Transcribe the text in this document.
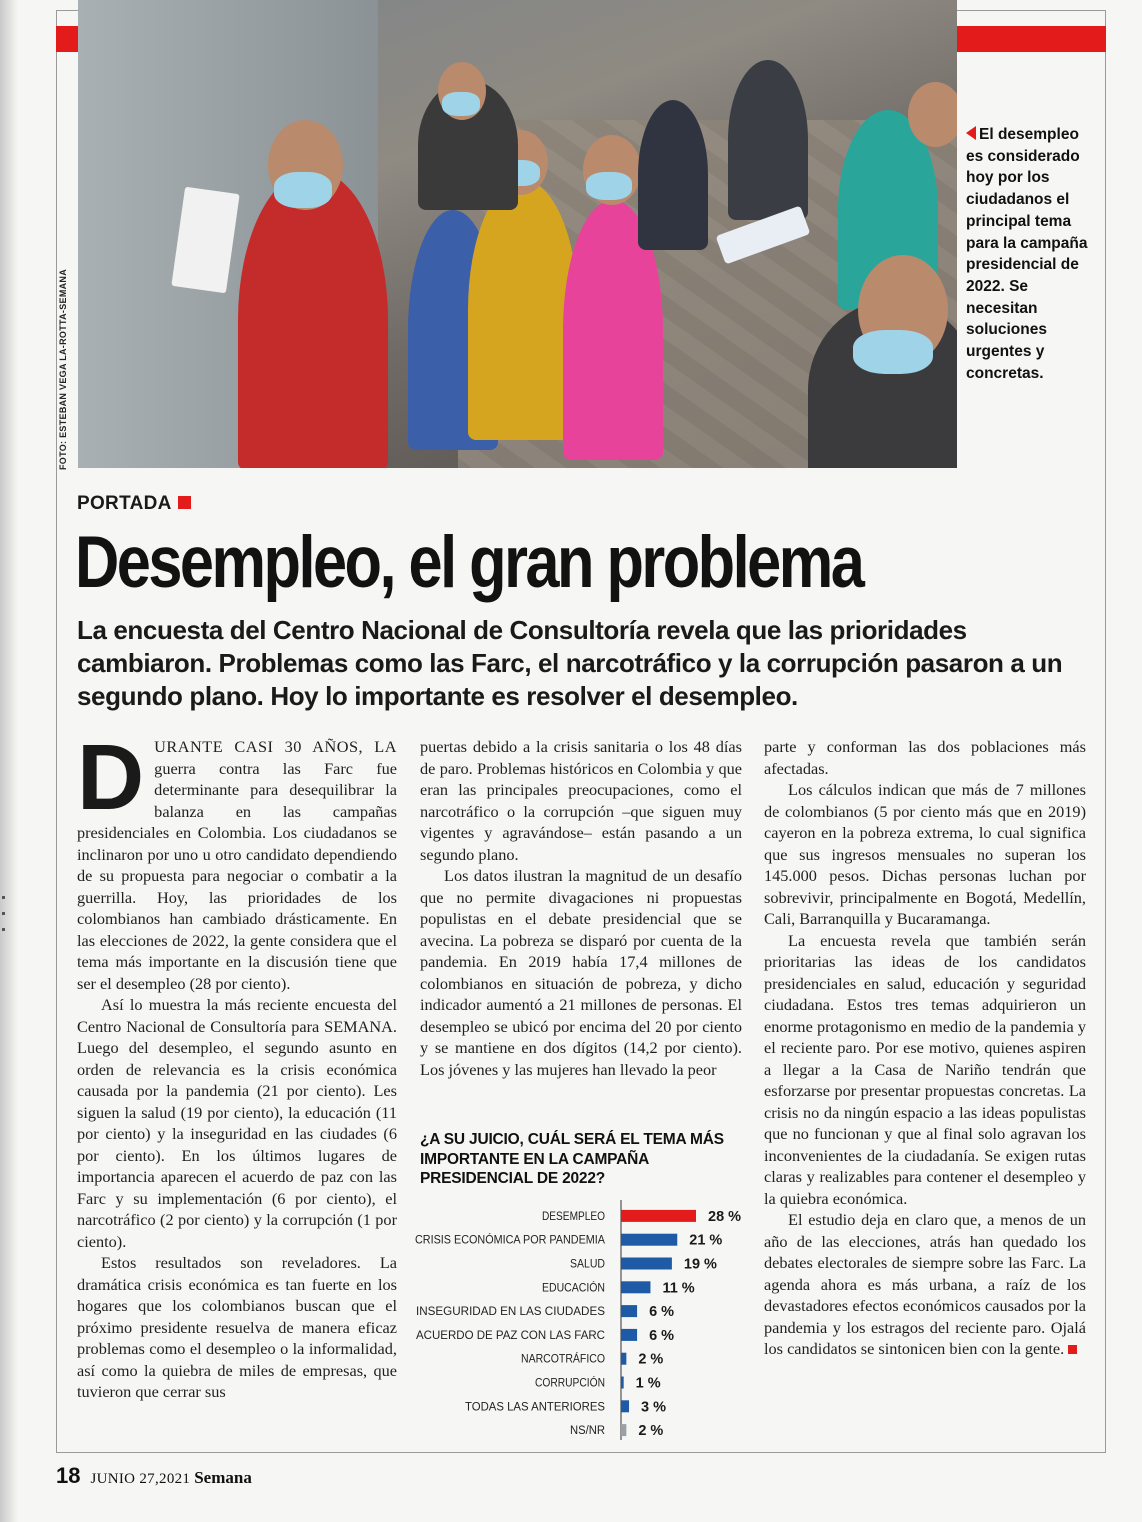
FOTO: ESTEBAN VEGA LA-ROTTA-SEMANA
El desempleo es considerado hoy por los ciudadanos el principal tema para la campaña presidencial de 2022. Se necesitan soluciones urgentes y concretas.
PORTADA
Desempleo, el gran problema
La encuesta del Centro Nacional de Consultoría revela que las prioridades cambiaron. Problemas como las Farc, el narcotráfico y la corrupción pasaron a un segundo plano. Hoy lo importante es resolver el desempleo.

DURANTE CASI 30 AÑOS, LA guerra contra las Farc fue determinante para desequilibrar la balanza en las campañas presidenciales en Colombia. Los ciudadanos se inclinaron por uno u otro candidato dependiendo de su propuesta para negociar o combatir a la guerrilla. Hoy, las prioridades de los colombianos han cambiado drásticamente. En las elecciones de 2022, la gente considera que el tema más importante en la discusión tiene que ser el desempleo (28 por ciento).

Así lo muestra la más reciente encuesta del Centro Nacional de Consultoría para SEMANA. Luego del desempleo, el segundo asunto en orden de relevancia es la crisis económica causada por la pandemia (21 por ciento). Les siguen la salud (19 por ciento), la educación (11 por ciento) y la inseguridad en las ciudades (6 por ciento). En los últimos lugares de importancia aparecen el acuerdo de paz con las Farc y su implementación (6 por ciento), el narcotráfico (2 por ciento) y la corrupción (1 por ciento).

Estos resultados son reveladores. La dramática crisis económica es tan fuerte en los hogares que los colombianos buscan que el próximo presidente resuelva de manera eficaz problemas como el desempleo o la informalidad, así como la quiebra de miles de empresas, que tuvieron que cerrar sus

puertas debido a la crisis sanitaria o los 48 días de paro. Problemas históricos en Colombia y que eran las principales preocupaciones, como el narcotráfico o la corrupción –que siguen muy vigentes y agravándose– están pasando a un segundo plano.

Los datos ilustran la magnitud de un desafío que no permite divagaciones ni propuestas populistas en el debate presidencial que se avecina. La pobreza se disparó por cuenta de la pandemia. En 2019 había 17,4 millones de colombianos en situación de pobreza, y dicho indicador aumentó a 21 millones de personas. El desempleo se ubicó por encima del 20 por ciento y se mantiene en dos dígitos (14,2 por ciento). Los jóvenes y las mujeres han llevado la peor

parte y conforman las dos poblaciones más afectadas.

Los cálculos indican que más de 7 millones de colombianos (5 por ciento más que en 2019) cayeron en la pobreza extrema, lo cual significa que sus ingresos mensuales no superan los 145.000 pesos. Dichas personas luchan por sobrevivir, principalmente en Bogotá, Medellín, Cali, Barranquilla y Bucaramanga.

La encuesta revela que también serán prioritarias las ideas de los candidatos presidenciales en salud, educación y seguridad ciudadana. Estos tres temas adquirieron un enorme protagonismo en medio de la pandemia y el reciente paro. Por ese motivo, quienes aspiren a llegar a la Casa de Nariño tendrán que esforzarse por presentar propuestas concretas. La crisis no da ningún espacio a las ideas populistas que no funcionan y que al final solo agravan los inconvenientes de la ciudadanía. Se exigen rutas claras y realizables para contener el desempleo y la quiebra económica.

El estudio deja en claro que, a menos de un año de las elecciones, atrás han quedado los debates electorales de siempre sobre las Farc. La agenda ahora es más urbana, a raíz de los devastadores efectos económicos causados por la pandemia y los estragos del reciente paro. Ojalá los candidatos se sintonicen bien con la gente.

¿A SU JUICIO, CUÁL SERÁ EL TEMA MÁS IMPORTANTE EN LA CAMPAÑA PRESIDENCIAL DE 2022?
DESEMPLEO	28 %
CRISIS ECONÓMICA POR PANDEMIA	21 %
SALUD	19 %
EDUCACIÓN	11 %
INSEGURIDAD EN LAS CIUDADES	6 %
ACUERDO DE PAZ CON LAS FARC	6 %
NARCOTRÁFICO 2 %
CORRUPCIÓN 1 %
TODAS LAS ANTERIORES 3 %
NS/NR 2 %
18 JUNIO 27,2021 Semana
